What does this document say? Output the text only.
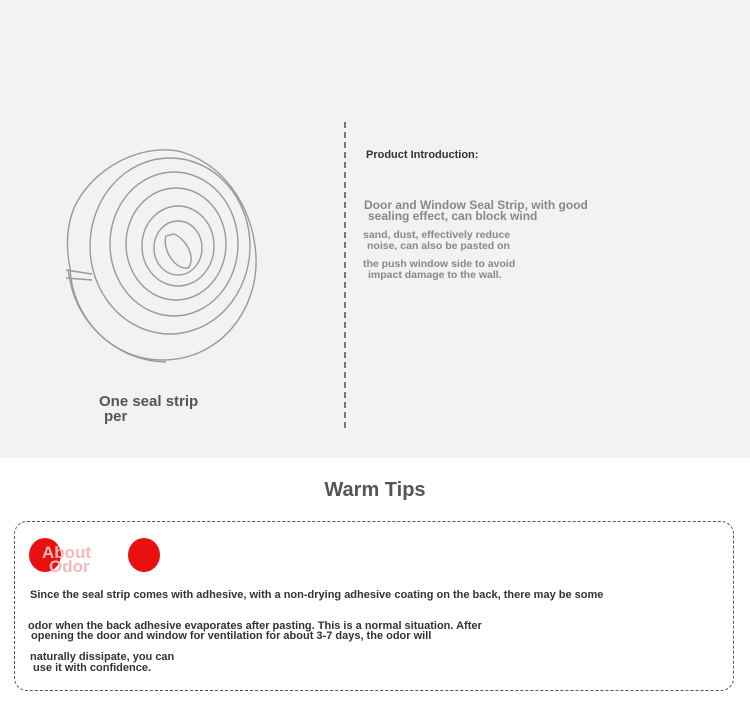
One seal strip
per
Product Introduction:
Door and Window Seal Strip, with good
sealing effect, can block wind
sand, dust, effectively reduce
noise, can also be pasted on
the push window side to avoid
impact damage to the wall.
Warm Tips
About
Odor
Since the seal strip comes with adhesive, with a non-drying adhesive coating on the back, there may be some
odor when the back adhesive evaporates after pasting. This is a normal situation. After
opening the door and window for ventilation for about 3-7 days, the odor will
naturally dissipate, you can
use it with confidence.
